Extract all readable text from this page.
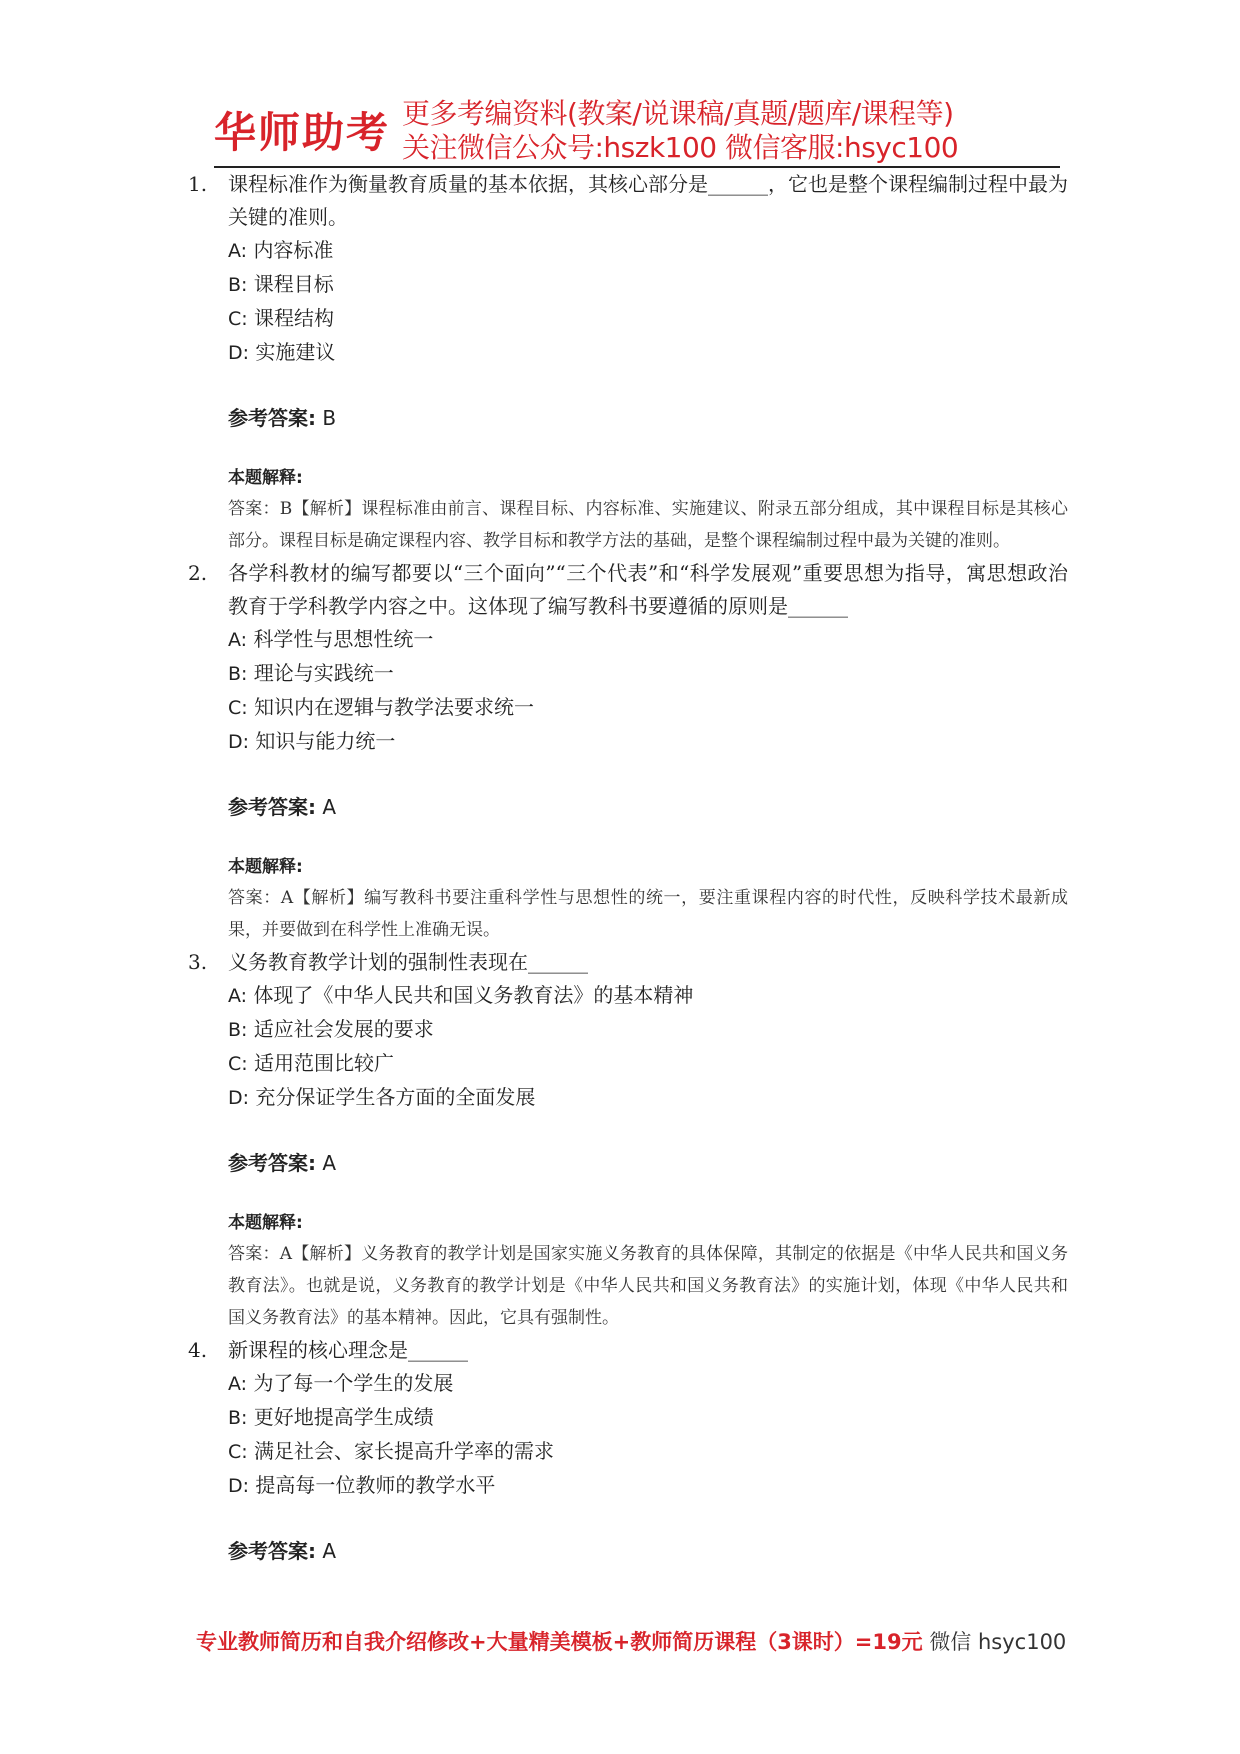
华师助考 更多考编资料(教案/说课稿/真题/题库/课程等)
关注微信公众号:hszk100 微信客服:hsyc100
1. 课程标准作为衡量教育质量的基本依据，其核心部分是______，它也是整个课程编制过程中最为关键的准则。
A: 内容标准
B: 课程目标
C: 课程结构
D: 实施建议
参考答案: B
本题解释:
答案：B【解析】课程标准由前言、课程目标、内容标准、实施建议、附录五部分组成，其中课程目标是其核心部分。课程目标是确定课程内容、教学目标和教学方法的基础，是整个课程编制过程中最为关键的准则。
2. 各学科教材的编写都要以“三个面向”“三个代表”和“科学发展观”重要思想为指导，寓思想政治教育于学科教学内容之中。这体现了编写教科书要遵循的原则是______
A: 科学性与思想性统一
B: 理论与实践统一
C: 知识内在逻辑与教学法要求统一
D: 知识与能力统一
参考答案: A
本题解释:
答案：A【解析】编写教科书要注重科学性与思想性的统一，要注重课程内容的时代性，反映科学技术最新成果，并要做到在科学性上准确无误。
3. 义务教育教学计划的强制性表现在______
A: 体现了《中华人民共和国义务教育法》的基本精神
B: 适应社会发展的要求
C: 适用范围比较广
D: 充分保证学生各方面的全面发展
参考答案: A
本题解释:
答案：A【解析】义务教育的教学计划是国家实施义务教育的具体保障，其制定的依据是《中华人民共和国义务教育法》。也就是说，义务教育的教学计划是《中华人民共和国义务教育法》的实施计划，体现《中华人民共和国义务教育法》的基本精神。因此，它具有强制性。
4. 新课程的核心理念是______
A: 为了每一个学生的发展
B: 更好地提高学生成绩
C: 满足社会、家长提高升学率的需求
D: 提高每一位教师的教学水平
参考答案: A
专业教师简历和自我介绍修改+大量精美模板+教师简历课程（3课时）=19元 微信 hsyc100
